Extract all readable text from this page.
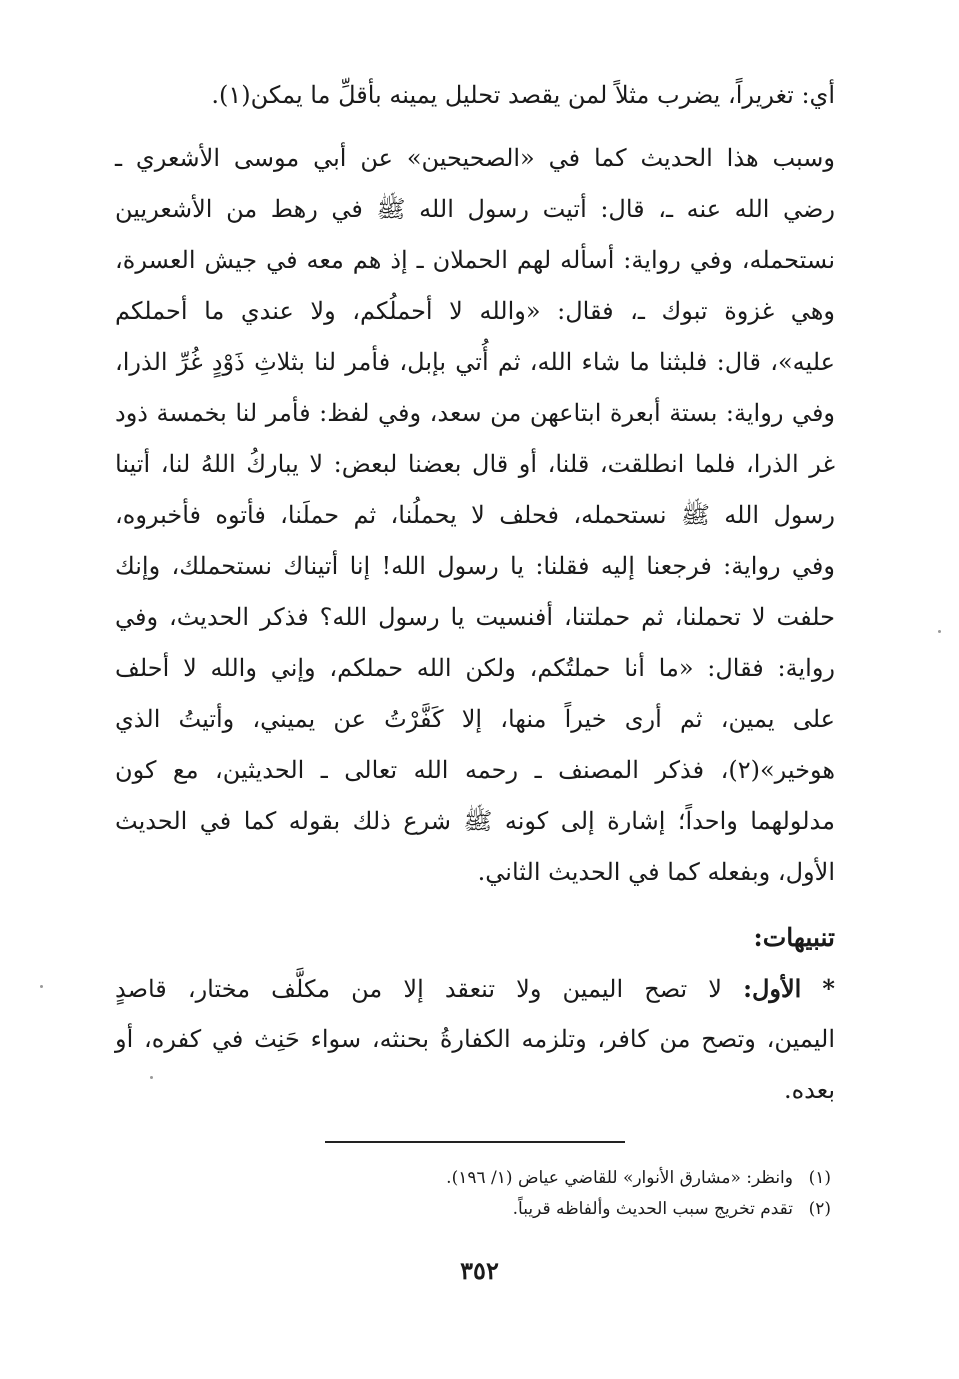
أي: تغريراً، يضرب مثلاً لمن يقصد تحليل يمينه بأقلِّ ما يمكن(١).
وسبب هذا الحديث كما في «الصحيحين» عن أبي موسى الأشعري ـ
رضي الله عنه ـ، قال: أتيت رسول الله ﷺ في رهط من الأشعريين
نستحمله، وفي رواية: أسأله لهم الحملان ـ إذ هم معه في جيش العسرة،
وهي غزوة تبوك ـ، فقال: «والله لا أحملُكم، ولا عندي ما أحملكم
عليه»، قال: فلبثنا ما شاء الله، ثم أُتي بإبل، فأمر لنا بثلاثِ ذَوْدٍ غُرِّ الذرا،
وفي رواية: بستة أبعرة ابتاعهن من سعد، وفي لفظ: فأمر لنا بخمسة ذود
غر الذرا، فلما انطلقت، قلنا، أو قال بعضنا لبعض: لا يباركُ اللهُ لنا، أتينا
رسول الله ﷺ نستحمله، فحلف لا يحملُنا، ثم حملَنا، فأتوه فأخبروه،
وفي رواية: فرجعنا إليه فقلنا: يا رسول الله! إنا أتيناك نستحملك، وإنك
حلفت لا تحملنا، ثم حملتنا، أفنسيت يا رسول الله؟ فذكر الحديث، وفي
رواية: فقال: «ما أنا حملتُكم، ولكن الله حملكم، وإني والله لا أحلف
على يمين، ثم أرى خيراً منها، إلا كَفَّرْتُ عن يميني، وأتيتُ الذي
هوخير»(٢)، فذكر المصنف ـ رحمه الله تعالى ـ الحديثين، مع كون
مدلولهما واحداً؛ إشارة إلى كونه ﷺ شرع ذلك بقوله كما في الحديث
الأول، وبفعله كما في الحديث الثاني.
تنبيهات:
* الأول: لا تصح اليمين ولا تنعقد إلا من مكلَّف مختار، قاصدٍ
اليمين، وتصح من كافر، وتلزمه الكفارةُ بحنثه، سواء حَنِث في كفره، أو
بعده.
(١)وانظر: «مشارق الأنوار» للقاضي عياض (١/ ١٩٦).
(٢)تقدم تخريج سبب الحديث وألفاظه قريباً.
٣٥٢
